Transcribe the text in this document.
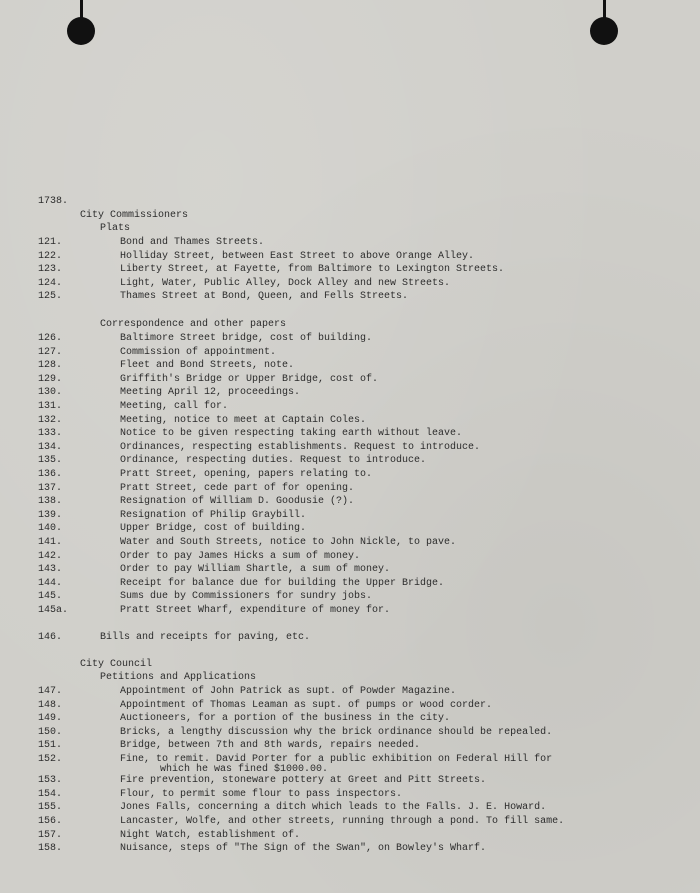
1738.
City Commissioners
Plats
121.	Bond and Thames Streets.
122.	Holliday Street, between East Street to above Orange Alley.
123.	Liberty Street, at Fayette, from Baltimore to Lexington Streets.
124.	Light, Water, Public Alley, Dock Alley and new Streets.
125.	Thames Street at Bond, Queen, and Fells Streets.
Correspondence and other papers
126.	Baltimore Street bridge, cost of building.
127.	Commission of appointment.
128.	Fleet and Bond Streets, note.
129.	Griffith's Bridge or Upper Bridge, cost of.
130.	Meeting April 12, proceedings.
131.	Meeting, call for.
132.	Meeting, notice to meet at Captain Coles.
133.	Notice to be given respecting taking earth without leave.
134.	Ordinances, respecting establishments. Request to introduce.
135.	Ordinance, respecting duties. Request to introduce.
136.	Pratt Street, opening, papers relating to.
137.	Pratt Street, cede part of for opening.
138.	Resignation of William D. Goodusie (?).
139.	Resignation of Philip Graybill.
140.	Upper Bridge, cost of building.
141.	Water and South Streets, notice to John Nickle, to pave.
142.	Order to pay James Hicks a sum of money.
143.	Order to pay William Shartle, a sum of money.
144.	Receipt for balance due for building the Upper Bridge.
145.	Sums due by Commissioners for sundry jobs.
145a.	Pratt Street Wharf, expenditure of money for.
146.	Bills and receipts for paving, etc.
City Council
Petitions and Applications
147.	Appointment of John Patrick as supt. of Powder Magazine.
148.	Appointment of Thomas Leaman as supt. of pumps or wood corder.
149.	Auctioneers, for a portion of the business in the city.
150.	Bricks, a lengthy discussion why the brick ordinance should be repealed.
151.	Bridge, between 7th and 8th wards, repairs needed.
152.	Fine, to remit. David Porter for a public exhibition on Federal Hill for
which he was fined $1000.00.
153.	Fire prevention, stoneware pottery at Greet and Pitt Streets.
154.	Flour, to permit some flour to pass inspectors.
155.	Jones Falls, concerning a ditch which leads to the Falls. J. E. Howard.
156.	Lancaster, Wolfe, and other streets, running through a pond. To fill same.
157.	Night Watch, establishment of.
158.	Nuisance, steps of "The Sign of the Swan", on Bowley's Wharf.
